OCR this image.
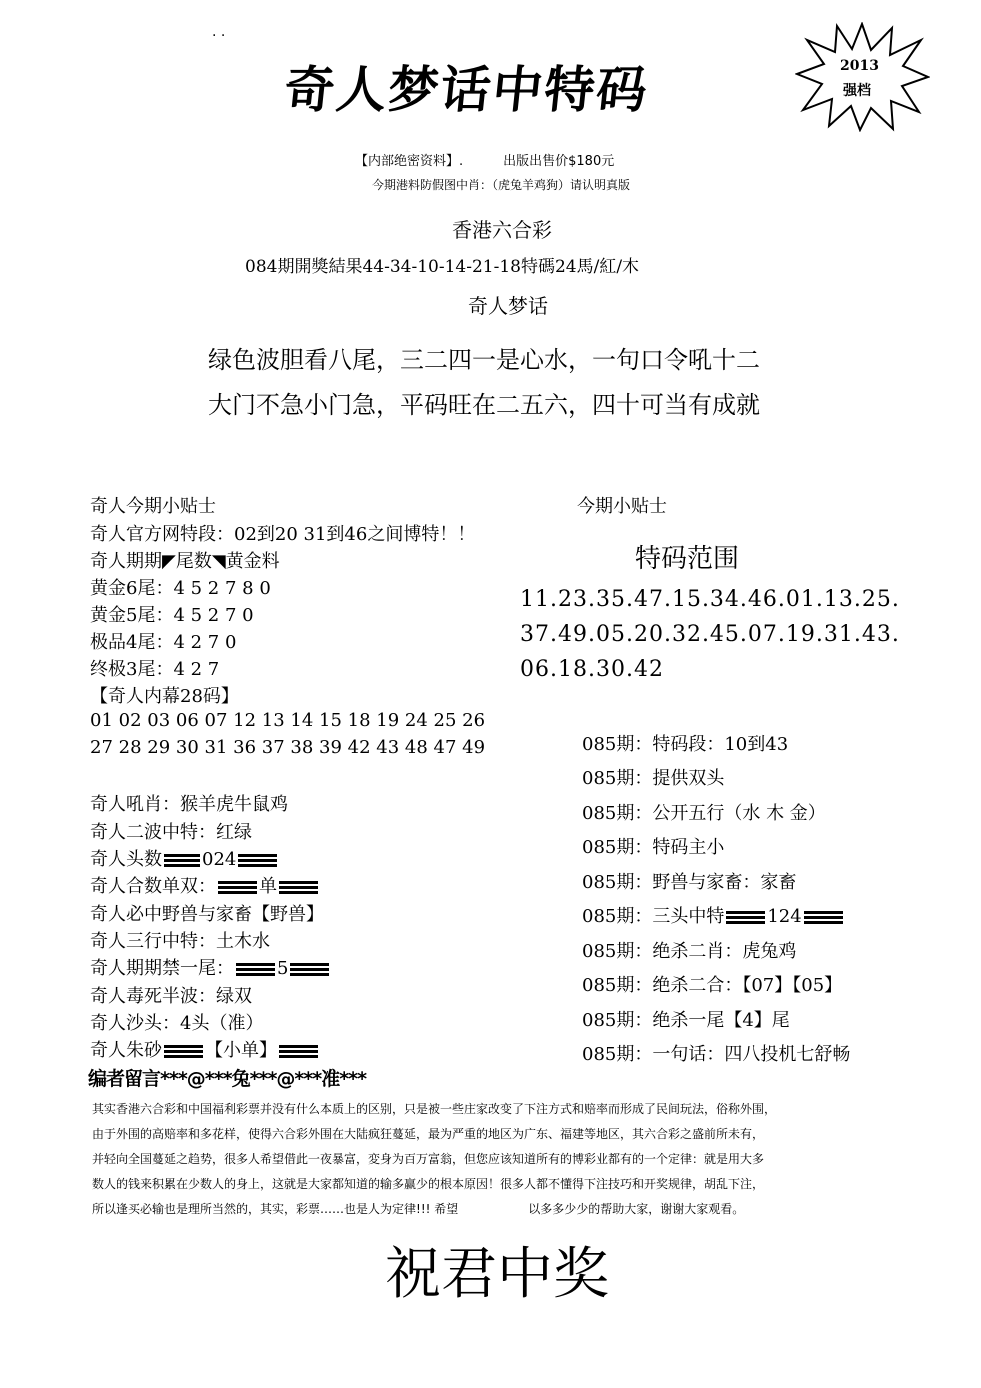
· ·
奇人梦话中特码	2013
强档
【内部绝密资料】.	出版出售价$180元
今期港料防假图中肖：（虎兔羊鸡狗）请认明真版
香港六合彩
084期開獎結果44-34-10-14-21-18特碼24馬/紅/木
奇人梦话
绿色波胆看八尾，三二四一是心水，一句口令吼十二
大门不急小门急，平码旺在二五六，四十可当有成就
奇人今期小贴士
奇人官方网特段：02到20 31到46之间博特！！
奇人期期◤尾数◥黄金料
黄金6尾：4 5 2 7 8 0
黄金5尾：4 5 2 7 0
极品4尾：4 2 7 0
终极3尾：4 2 7
【奇人内幕28码】
01 02 03 06 07 12 13 14 15 18 19 24 25 26
27 28 29 30 31 36 37 38 39 42 43 48 47 49
奇人吼肖：猴羊虎牛鼠鸡
奇人二波中特：红绿
奇人头数 024
奇人合数单双： 单
奇人必中野兽与家畜【野兽】
奇人三行中特：土木水
奇人期期禁一尾： 5
奇人毒死半波：绿双
奇人沙头：4头（准）
奇人朱砂 【小单】
编者留言***@***兔***@***准***
今期小贴士
特码范围
11.23.35.47.15.34.46.01.13.25.
37.49.05.20.32.45.07.19.31.43.
06.18.30.42
085期：特码段：10到43
085期：提供双头
085期：公开五行（水 木 金）
085期：特码主小
085期：野兽与家畜：家畜
085期：三头中特 124
085期：绝杀二肖：虎兔鸡
085期：绝杀二合：【07】【05】
085期：绝杀一尾【4】尾
085期：一句话：四八投机七舒畅
其实香港六合彩和中国福利彩票并没有什么本质上的区别，只是被一些庄家改变了下注方式和赔率而形成了民间玩法，俗称外围，
由于外围的高赔率和多花样，使得六合彩外围在大陆疯狂蔓延，最为严重的地区为广东、福建等地区，其六合彩之盛前所未有，
并轻向全国蔓延之趋势，很多人希望借此一夜暴富，変身为百万富翁，但您应该知道所有的博彩业都有的一个定律：就是用大多
数人的钱来积累在少数人的身上，这就是大家都知道的输多赢少的根本原因！很多人都不懂得下注技巧和开奖规律，胡乱下注，
所以逢买必输也是理所当然的，其实，彩票……也是人为定律!!! 希望	以多多少少的帮助大家，谢谢大家观看。
祝君中奖
